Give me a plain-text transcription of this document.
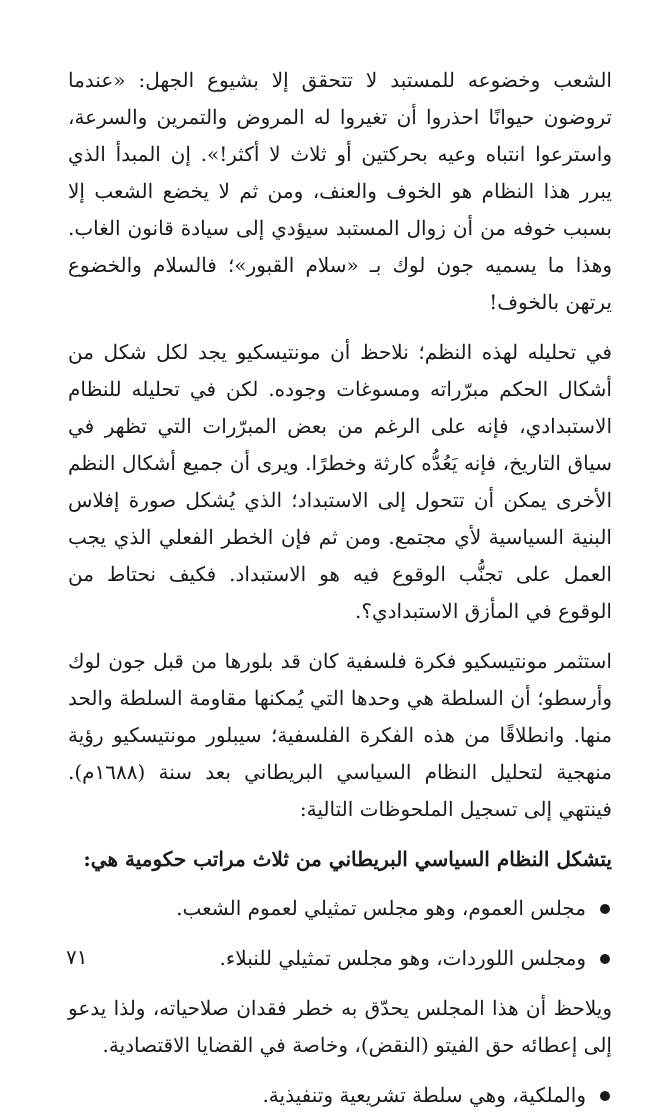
الشعب وخضوعه للمستبد لا تتحقق إلا بشيوع الجهل: «عندما تروضون حيوانًا احذروا أن تغيروا له المروض والتمرين والسرعة، واسترعوا انتباه وعيه بحركتين أو ثلاث لا أكثر!». إن المبدأ الذي يبرر هذا النظام هو الخوف والعنف، ومن ثم لا يخضع الشعب إلا بسبب خوفه من أن زوال المستبد سيؤدي إلى سيادة قانون الغاب. وهذا ما يسميه جون لوك بـ «سلام القبور»؛ فالسلام والخضوع يرتهن بالخوف!

في تحليله لهذه النظم؛ نلاحظ أن مونتيسكيو يجد لكل شكل من أشكال الحكم مبرّراته ومسوغات وجوده. لكن في تحليله للنظام الاستبدادي، فإنه على الرغم من بعض المبرّرات التي تظهر في سياق التاريخ، فإنه يَعُدُّه كارثة وخطرًا. ويرى أن جميع أشكال النظم الأخرى يمكن أن تتحول إلى الاستبداد؛ الذي يُشكل صورة إفلاس البنية السياسية لأي مجتمع. ومن ثم فإن الخطر الفعلي الذي يجب العمل على تجنُّب الوقوع فيه هو الاستبداد. فكيف نحتاط من الوقوع في المأزق الاستبدادي؟.

استثمر مونتيسكيو فكرة فلسفية كان قد بلورها من قبل جون لوك وأرسطو؛ أن السلطة هي وحدها التي يُمكنها مقاومة السلطة والحد منها. وانطلاقًا من هذه الفكرة الفلسفية؛ سيبلور مونتيسكيو رؤية منهجية لتحليل النظام السياسي البريطاني بعد سنة (١٦٨٨م). فينتهي إلى تسجيل الملحوظات التالية:

يتشكل النظام السياسي البريطاني من ثلاث مراتب حكومية هي:

مجلس العموم، وهو مجلس تمثيلي لعموم الشعب.
ومجلس اللوردات، وهو مجلس تمثيلي للنبلاء.

ويلاحظ أن هذا المجلس يحدّق به خطر فقدان صلاحياته، ولذا يدعو إلى إعطائه حق الفيتو (النقض)، وخاصة في القضايا الاقتصادية.

والملكية، وهي سلطة تشريعية وتنفيذية.
٧١
